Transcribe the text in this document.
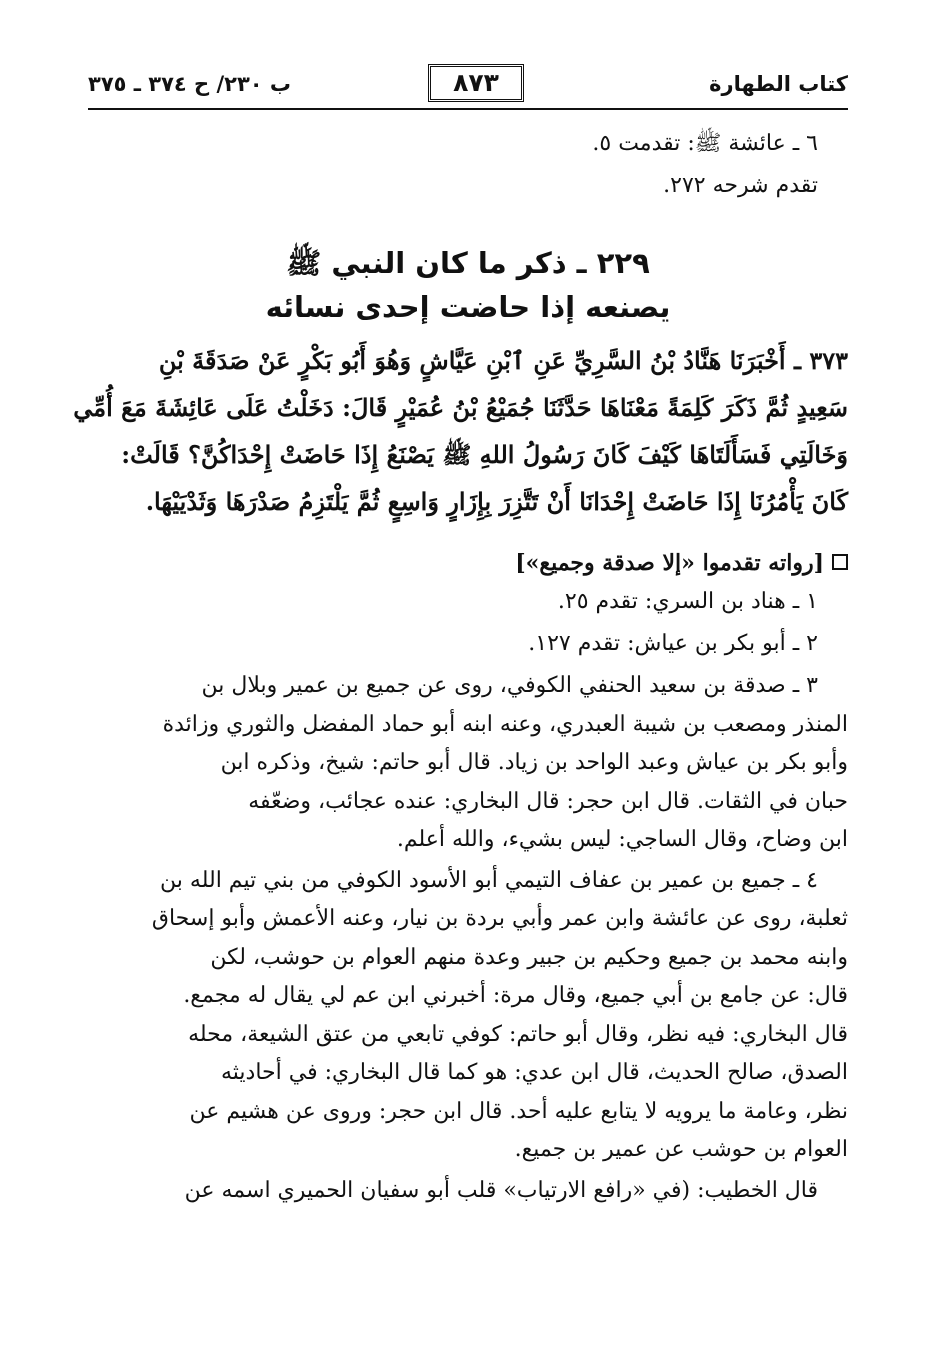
ب ٢٣٠/ ح ٣٧٤ ـ ٣٧٥	٨٧٣	كتاب الطهارة

٦ ـ عائشة ﷺ: تقدمت ٥.

تقدم شرحه ٢٧٢.

٢٢٩ ـ ذكر ما كان النبي ﷺ

يصنعه إذا حاضت إحدى نسائه

٣٧٣ ـ أَخْبَرَنَا هَنَّادُ بْنُ السَّرِيِّ عَنِ ٱبْنِ عَيَّاشٍ وَهُوَ أَبُو بَكْرٍ عَنْ صَدَقَةَ بْنِ
سَعِيدٍ ثُمَّ ذَكَرَ كَلِمَةً مَعْنَاهَا حَدَّثَنَا جُمَيْعُ بْنُ عُمَيْرٍ قَالَ: دَخَلْتُ عَلَى عَائِشَةَ مَعَ أُمِّي
وَخَالَتِي فَسَأَلَتَاهَا كَيْفَ كَانَ رَسُولُ اللهِ ﷺ يَصْنَعُ إِذَا حَاضَتْ إِحْدَاكُنَّ؟ قَالَتْ:
كَانَ يَأْمُرُنَا إِذَا حَاضَتْ إِحْدَانَا أَنْ تَتَّزِرَ بِإِزَارٍ وَاسِعٍ ثُمَّ يَلْتَزِمُ صَدْرَهَا وَثَدْيَيْهَا.

[رواته تقدموا «إلا صدقة وجميع»]

١ ـ هناد بن السري: تقدم ٢٥.

٢ ـ أبو بكر بن عياش: تقدم ١٢٧.

٣ ـ صدقة بن سعيد الحنفي الكوفي، روى عن جميع بن عمير وبلال بن
المنذر ومصعب بن شيبة العبدري، وعنه ابنه أبو حماد المفضل والثوري وزائدة
وأبو بكر بن عياش وعبد الواحد بن زياد. قال أبو حاتم: شيخ، وذكره ابن
حبان في الثقات. قال ابن حجر: قال البخاري: عنده عجائب، وضعّفه
ابن وضاح، وقال الساجي: ليس بشيء، والله أعلم.

٤ ـ جميع بن عمير بن عفاف التيمي أبو الأسود الكوفي من بني تيم الله بن
ثعلبة، روى عن عائشة وابن عمر وأبي بردة بن نيار، وعنه الأعمش وأبو إسحاق
وابنه محمد بن جميع وحكيم بن جبير وعدة منهم العوام بن حوشب، لكن
قال: عن جامع بن أبي جميع، وقال مرة: أخبرني ابن عم لي يقال له مجمع.
قال البخاري: فيه نظر، وقال أبو حاتم: كوفي تابعي من عتق الشيعة، محله
الصدق، صالح الحديث، قال ابن عدي: هو كما قال البخاري: في أحاديثه
نظر، وعامة ما يرويه لا يتابع عليه أحد. قال ابن حجر: وروى عن هشيم عن
العوام بن حوشب عن عمير بن جميع.

قال الخطيب: (في «رافع الارتياب» قلب أبو سفيان الحميري اسمه عن
